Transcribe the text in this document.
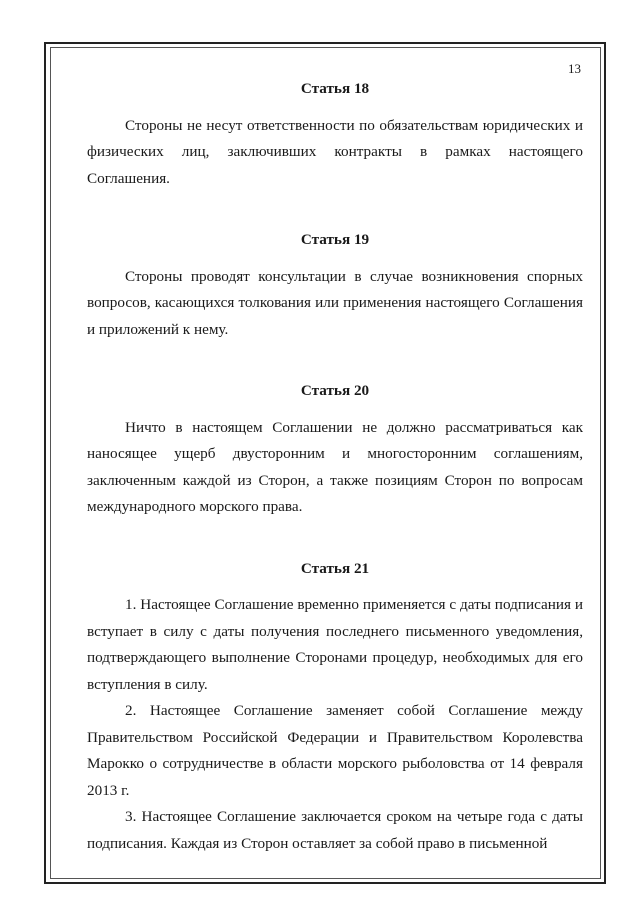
13
Статья 18

Стороны не несут ответственности по обязательствам юридических и физических лиц, заключивших контракты в рамках настоящего Соглашения.

Статья 19

Стороны проводят консультации в случае возникновения спорных вопросов, касающихся толкования или применения настоящего Соглашения и приложений к нему.

Статья 20

Ничто в настоящем Соглашении не должно рассматриваться как наносящее ущерб двусторонним и многосторонним соглашениям, заключенным каждой из Сторон, а также позициям Сторон по вопросам международного морского права.

Статья 21

1. Настоящее Соглашение временно применяется с даты подписания и вступает в силу с даты получения последнего письменного уведомления, подтверждающего выполнение Сторонами процедур, необходимых для его вступления в силу.

2. Настоящее Соглашение заменяет собой Соглашение между Правительством Российской Федерации и Правительством Королевства Марокко о сотрудничестве в области морского рыболовства от 14 февраля 2013 г.

3. Настоящее Соглашение заключается сроком на четыре года с даты подписания. Каждая из Сторон оставляет за собой право в письменной
